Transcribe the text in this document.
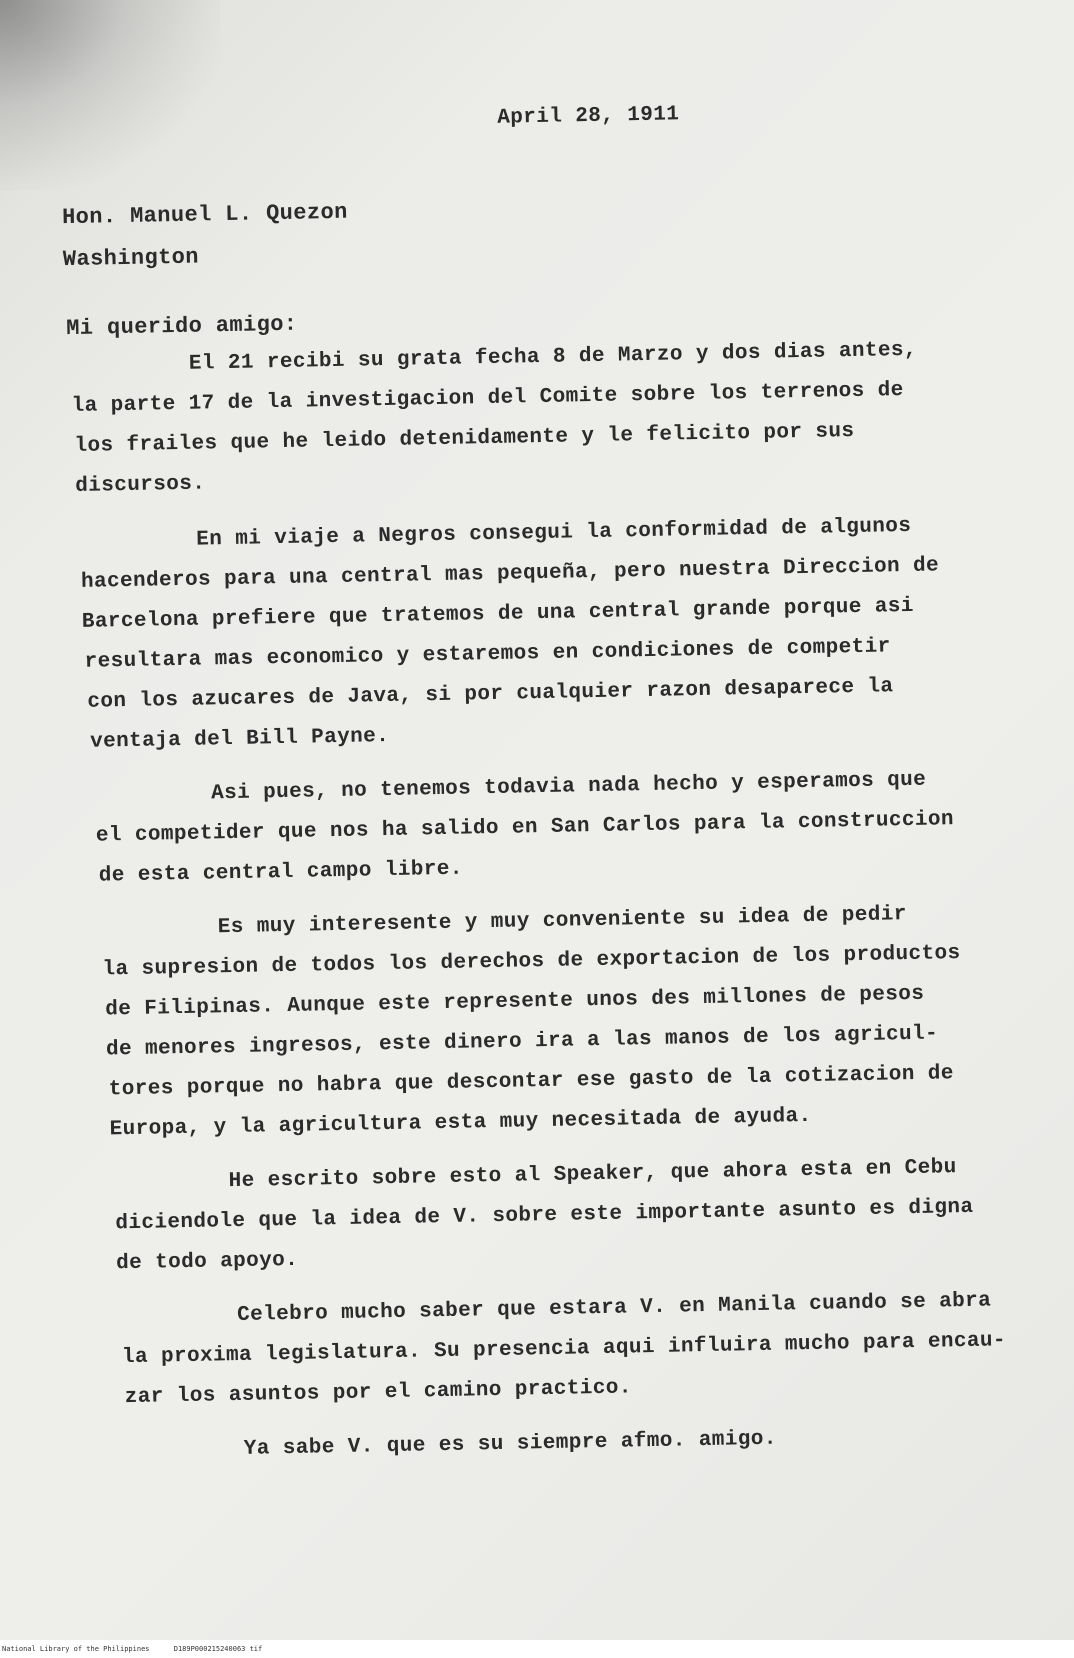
April 28, 1911
Hon. Manuel L. Quezon
Washington
Mi querido amigo:
El 21 recibi su grata fecha 8 de Marzo y dos dias antes,
la parte 17 de la investigacion del Comite sobre los terrenos de
los frailes que he leido detenidamente y le felicito por sus
discursos.
En mi viaje a Negros consegui la conformidad de algunos
hacenderos para una central mas pequeña, pero nuestra Direccion de
Barcelona prefiere que tratemos de una central grande porque asi
resultara mas economico y estaremos en condiciones de competir
con los azucares de Java, si por cualquier razon desaparece la
ventaja del Bill Payne.
Asi pues, no tenemos todavia nada hecho y esperamos que
el competider que nos ha salido en San Carlos para la construccion
de esta central campo libre.
Es muy interesente y muy conveniente su idea de pedir
la supresion de todos los derechos de exportacion de los productos
de Filipinas. Aunque este represente unos des millones de pesos
de menores ingresos, este dinero ira a las manos de los agricul-
tores porque no habra que descontar ese gasto de la cotizacion de
Europa, y la agricultura esta muy necesitada de ayuda.
He escrito sobre esto al Speaker, que ahora esta en Cebu
diciendole que la idea de V. sobre este importante asunto es digna
de todo apoyo.
Celebro mucho saber que estara V. en Manila cuando se abra
la proxima legislatura. Su presencia aqui influira mucho para encau-
zar los asuntos por el camino practico.
Ya sabe V. que es su siempre afmo. amigo.
National Library of the Philippines	D189P000215240063 tif
